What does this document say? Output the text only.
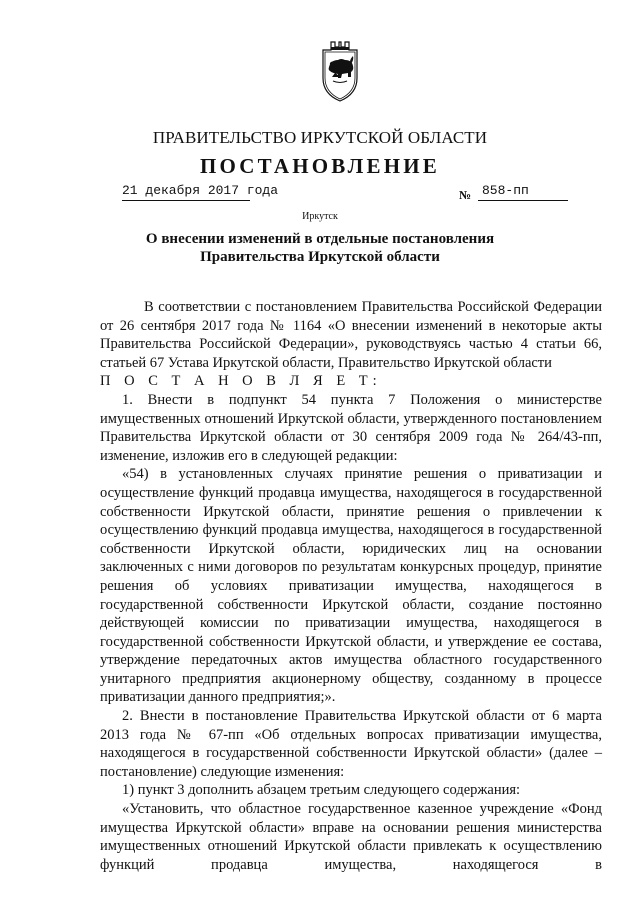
ПРАВИТЕЛЬСТВО ИРКУТСКОЙ ОБЛАСТИ
ПОСТАНОВЛЕНИЕ
21 декабря 2017 года	№ 858-пп
Иркутск
О внесении изменений в отдельные постановления
Правительства Иркутской области

В соответствии с постановлением Правительства Российской Федерации от 26 сентября 2017 года № 1164 «О внесении изменений в некоторые акты Правительства Российской Федерации», руководствуясь частью 4 статьи 66, статьей 67 Устава Иркутской области, Правительство Иркутской области

П О С Т А Н О В Л Я Е Т:

1. Внести в подпункт 54 пункта 7 Положения о министерстве имущественных отношений Иркутской области, утвержденного постановлением Правительства Иркутской области от 30 сентября 2009 года № 264/43-пп, изменение, изложив его в следующей редакции:

«54) в установленных случаях принятие решения о приватизации и осуществление функций продавца имущества, находящегося в государственной собственности Иркутской области, принятие решения о привлечении к осуществлению функций продавца имущества, находящегося в государственной собственности Иркутской области, юридических лиц на основании заключенных с ними договоров по результатам конкурсных процедур, принятие решения об условиях приватизации имущества, находящегося в государственной собственности Иркутской области, создание постоянно действующей комиссии по приватизации имущества, находящегося в государственной собственности Иркутской области, и утверждение ее состава, утверждение передаточных актов имущества областного государственного унитарного предприятия акционерному обществу, созданному в процессе приватизации данного предприятия;».

2. Внести в постановление Правительства Иркутской области от 6 марта 2013 года № 67-пп «Об отдельных вопросах приватизации имущества, находящегося в государственной собственности Иркутской области» (далее – постановление) следующие изменения:

1) пункт 3 дополнить абзацем третьим следующего содержания:

«Установить, что областное государственное казенное учреждение «Фонд имущества Иркутской области» вправе на основании решения министерства имущественных отношений Иркутской области привлекать к осуществлению функций продавца имущества, находящегося в
